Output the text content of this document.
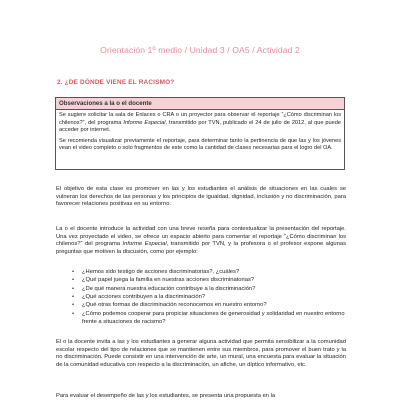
Orientación 1º medio / Unidad 3 / OA5 / Actividad 2
2. ¿DE DÓNDE VIENE EL RACISMO?
Observaciones a la o el docente

Se sugiere solicitar la sala de Enlaces o CRA o un proyector para observar el reportaje “¿Cómo discriminan los chilenos?”, del programa Informe Especial, transmitido por TVN, publicado el 24 de julio de 2012, al que puede acceder por internet.

Se recomienda visualizar previamente el reportaje, para determinar tanto la pertinencia de que las y los jóvenes vean el video completo o solo fragmentos de este como la cantidad de clases necesarias para el logro del OA.

El objetivo de esta clase es promover en las y los estudiantes el análisis de situaciones en las cuales se vulneran los derechos de las personas y los principios de igualdad, dignidad, inclusión y no discriminación, para favorecer relaciones positivas en su entorno.

La o el docente introduce la actividad con una breve reseña para contextualizar la presentación del reportaje. Una vez proyectado el video, se ofrece un espacio abierto para comentar el reportaje “¿Cómo discriminan los chilenos?” del programa Informe Especial, transmitido por TVN, y la profesora o el profesor expone algunas preguntas que motiven la discusión, como por ejemplo:

• ¿Hemos sido testigo de acciones discriminatorias?, ¿cuáles?
• ¿Qué papel juega la familia en nuestras acciones discriminatorias?
• ¿De qué manera nuestra educación contribuye a la discriminación?
• ¿Qué acciones contribuyen a la discriminación?
• ¿Qué otras formas de discriminación reconocemos en nuestro entorno?
• ¿Cómo podemos cooperar para propiciar situaciones de generosidad y solidaridad en nuestro entorno frente a situaciones de racismo?

El o la docente invita a las y los estudiantes a generar alguna actividad que permita sensibilizar a la comunidad escolar respecto del tipo de relaciones que se mantienen entre sus miembros, para promover el buen trato y la no discriminación. Puede consistir en una intervención de arte, un mural, una encuesta para evaluar la situación de la comunidad educativa con respecto a la discriminación, un afiche, un díptico informativo, etc.

Para evaluar el desempeño de las y los estudiantes, se presenta una propuesta en la
